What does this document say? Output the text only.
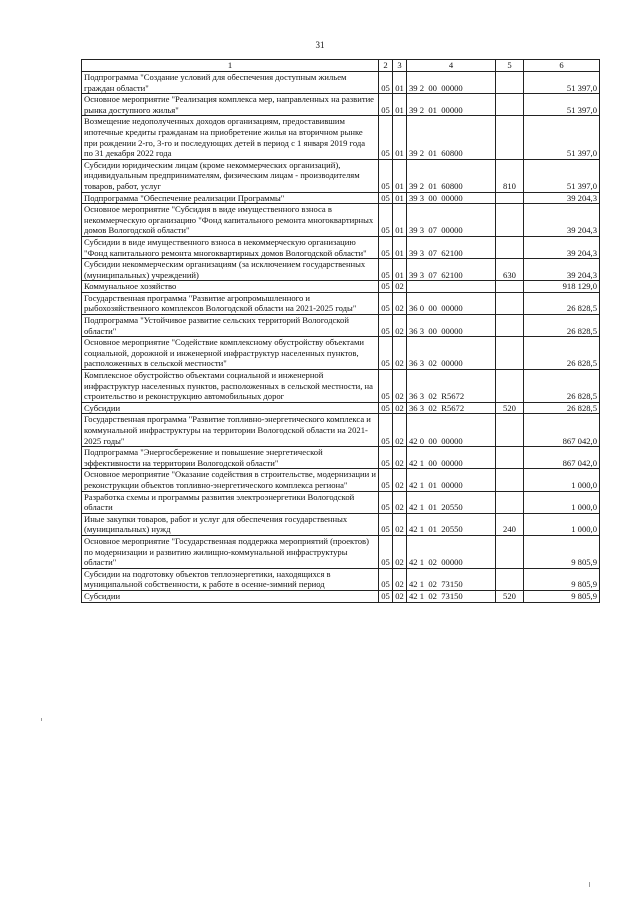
31
1	2	3	4	5	6
Подпрограмма "Создание условий для обеспечения доступным жильем граждан области"	05	01	39 2  00  00000		51 397,0
Основное мероприятие "Реализация комплекса мер, направленных на развитие рынка доступного жилья"	05	01	39 2  01  00000		51 397,0
Возмещение недополученных доходов организациям, предоставившим ипотечные кредиты гражданам на приобретение жилья на вторичном рынке при рождении 2-го, 3-го и последующих детей в период с 1 января 2019 года по 31 декабря 2022 года	05	01	39 2  01  60800		51 397,0
Субсидии юридическим лицам (кроме некоммерческих организаций), индивидуальным предпринимателям, физическим лицам - производителям товаров, работ, услуг	05	01	39 2  01  60800	810	51 397,0
Подпрограмма "Обеспечение реализации Программы"	05	01	39 3  00  00000		39 204,3
Основное мероприятие "Субсидия в виде имущественного взноса в некоммерческую организацию "Фонд капитального ремонта многоквартирных домов Вологодской области"	05	01	39 3  07  00000		39 204,3
Субсидии в виде имущественного взноса в некоммерческую организацию "Фонд капитального ремонта многоквартирных домов Вологодской области"	05	01	39 3  07  62100		39 204,3
Субсидии некоммерческим организациям (за исключением государственных (муниципальных) учреждений)	05	01	39 3  07  62100	630	39 204,3
Коммунальное хозяйство	05	02			918 129,0
Государственная программа "Развитие агропромышленного и рыбохозяйственного комплексов Вологодской области на 2021-2025 годы"	05	02	36 0  00  00000		26 828,5
Подпрограмма "Устойчивое развитие сельских территорий Вологодской области"	05	02	36 3  00  00000		26 828,5
Основное мероприятие "Содействие комплексному обустройству объектами социальной, дорожной и инженерной инфраструктур населенных пунктов, расположенных в сельской местности"	05	02	36 3  02  00000		26 828,5
Комплексное обустройство объектами социальной и инженерной инфраструктур населенных пунктов, расположенных в сельской местности, на строительство и реконструкцию автомобильных дорог	05	02	36 3  02  R5672		26 828,5
Субсидии	05	02	36 3  02  R5672	520	26 828,5
Государственная программа "Развитие топливно-энергетического комплекса и коммунальной инфраструктуры на территории Вологодской области на 2021-2025 годы"	05	02	42 0  00  00000		867 042,0
Подпрограмма "Энергосбережение и повышение энергетической эффективности на территории Вологодской области"	05	02	42 1  00  00000		867 042,0
Основное мероприятие "Оказание содействия в строительстве, модернизации и реконструкции объектов топливно-энергетического комплекса региона"	05	02	42 1  01  00000		1 000,0
Разработка схемы и программы развития электроэнергетики Вологодской области	05	02	42 1  01  20550		1 000,0
Иные закупки товаров, работ и услуг для обеспечения государственных (муниципальных) нужд	05	02	42 1  01  20550	240	1 000,0
Основное мероприятие "Государственная поддержка мероприятий (проектов) по модернизации и развитию жилищно-коммунальной инфраструктуры области"	05	02	42 1  02  00000		9 805,9
Субсидии на подготовку объектов теплоэнергетики, находящихся в муниципальной собственности, к работе в осенне-зимний период	05	02	42 1  02  73150		9 805,9
Субсидии	05	02	42 1  02  73150	520	9 805,9
